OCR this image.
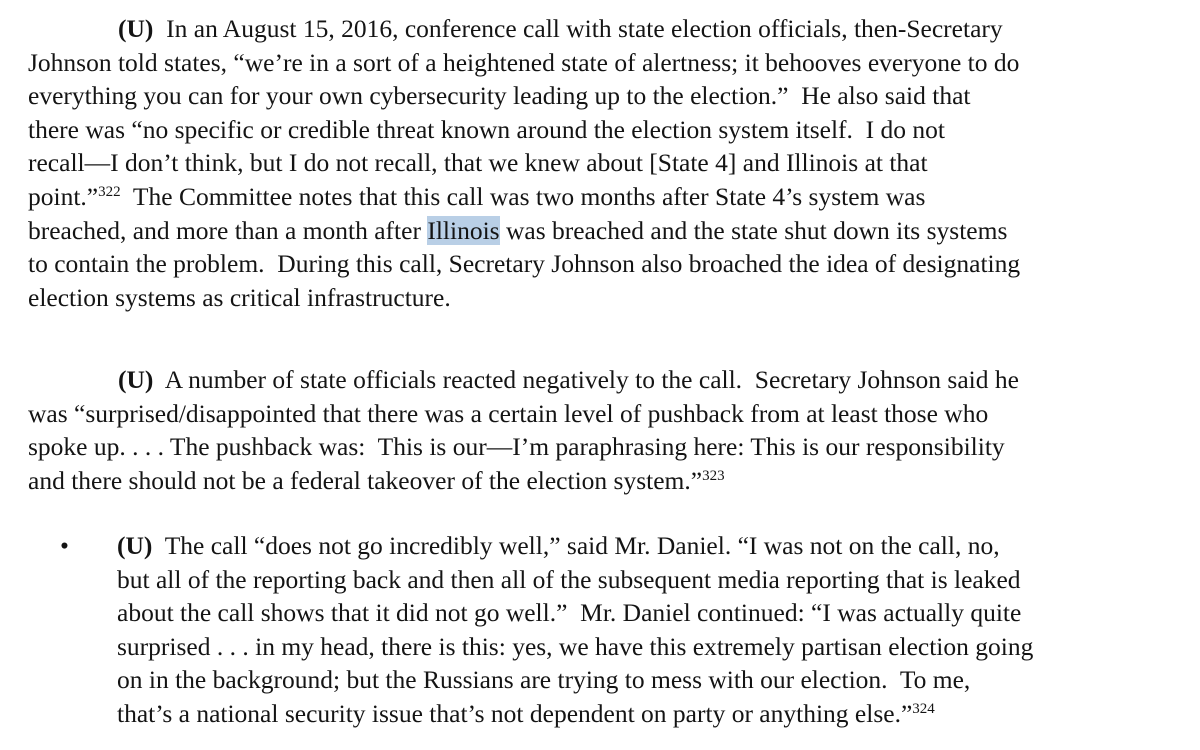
(U) In an August 15, 2016, conference call with state election officials, then-Secretary
Johnson told states, “we’re in a sort of a heightened state of alertness; it behooves everyone to do
everything you can for your own cybersecurity leading up to the election.”  He also said that
there was “no specific or credible threat known around the election system itself.  I do not
recall—I don’t think, but I do not recall, that we knew about [State 4] and Illinois at that
point.”$^{322}$ The Committee notes that this call was two months after State 4’s system was
breached, and more than a month after Illinois was breached and the state shut down its systems
to contain the problem.  During this call, Secretary Johnson also broached the idea of designating
election systems as critical infrastructure.
(U) A number of state officials reacted negatively to the call.  Secretary Johnson said he
was “surprised/disappointed that there was a certain level of pushback from at least those who
spoke up. . . . The pushback was:  This is our—I’m paraphrasing here: This is our responsibility
and there should not be a federal takeover of the election system.”$^{323}$
• (U) The call “does not go incredibly well,” said Mr. Daniel. “I was not on the call, no,
but all of the reporting back and then all of the subsequent media reporting that is leaked
about the call shows that it did not go well.”  Mr. Daniel continued: “I was actually quite
surprised . . . in my head, there is this: yes, we have this extremely partisan election going
on in the background; but the Russians are trying to mess with our election.  To me,
that’s a national security issue that’s not dependent on party or anything else.”$^{324}$
